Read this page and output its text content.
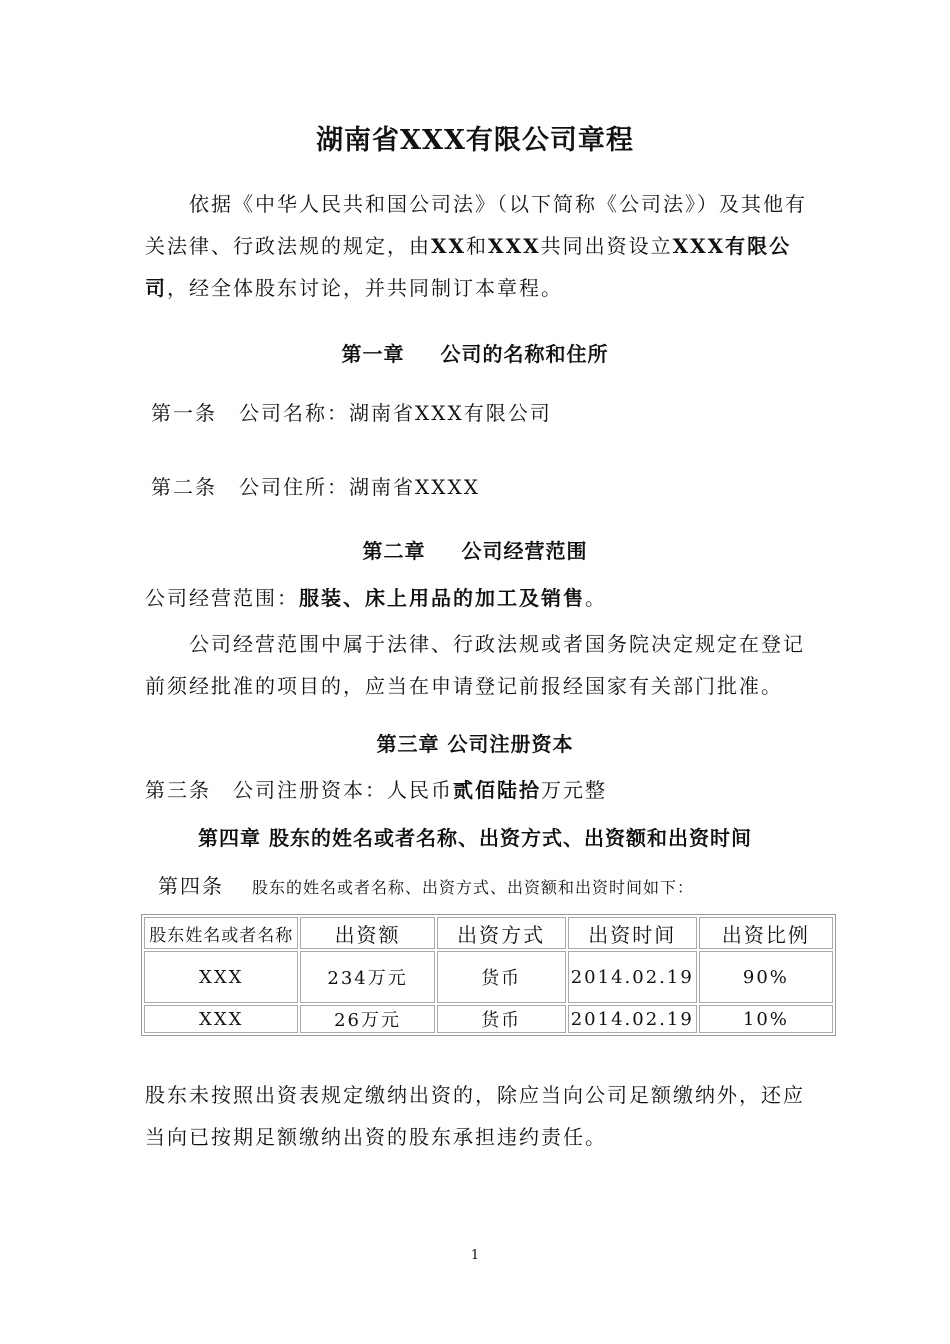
湖南省XXX有限公司章程

依据《中华人民共和国公司法》（以下简称《公司法》）及其他有关法律、行政法规的规定，由XX和XXX共同出资设立XXX有限公司，经全体股东讨论，并共同制订本章程。

第一章 公司的名称和住所
第一条 公司名称：湖南省XXX有限公司
第二条 公司住所：湖南省XXXX
第二章 公司经营范围
公司经营范围：服装、床上用品的加工及销售。

公司经营范围中属于法律、行政法规或者国务院决定规定在登记前须经批准的项目的，应当在申请登记前报经国家有关部门批准。

第三章 公司注册资本
第三条 公司注册资本：人民币贰佰陆拾万元整
第四章 股东的姓名或者名称、出资方式、出资额和出资时间
第四条 股东的姓名或者名称、出资方式、出资额和出资时间如下：
股东姓名或者名称	出资额	出资方式	出资时间	出资比例
XXX	234万元	货币	2014.02.19	90%
XXX	26万元	货币	2014.02.19	10%

股东未按照出资表规定缴纳出资的，除应当向公司足额缴纳外，还应当向已按期足额缴纳出资的股东承担违约责任。

1
